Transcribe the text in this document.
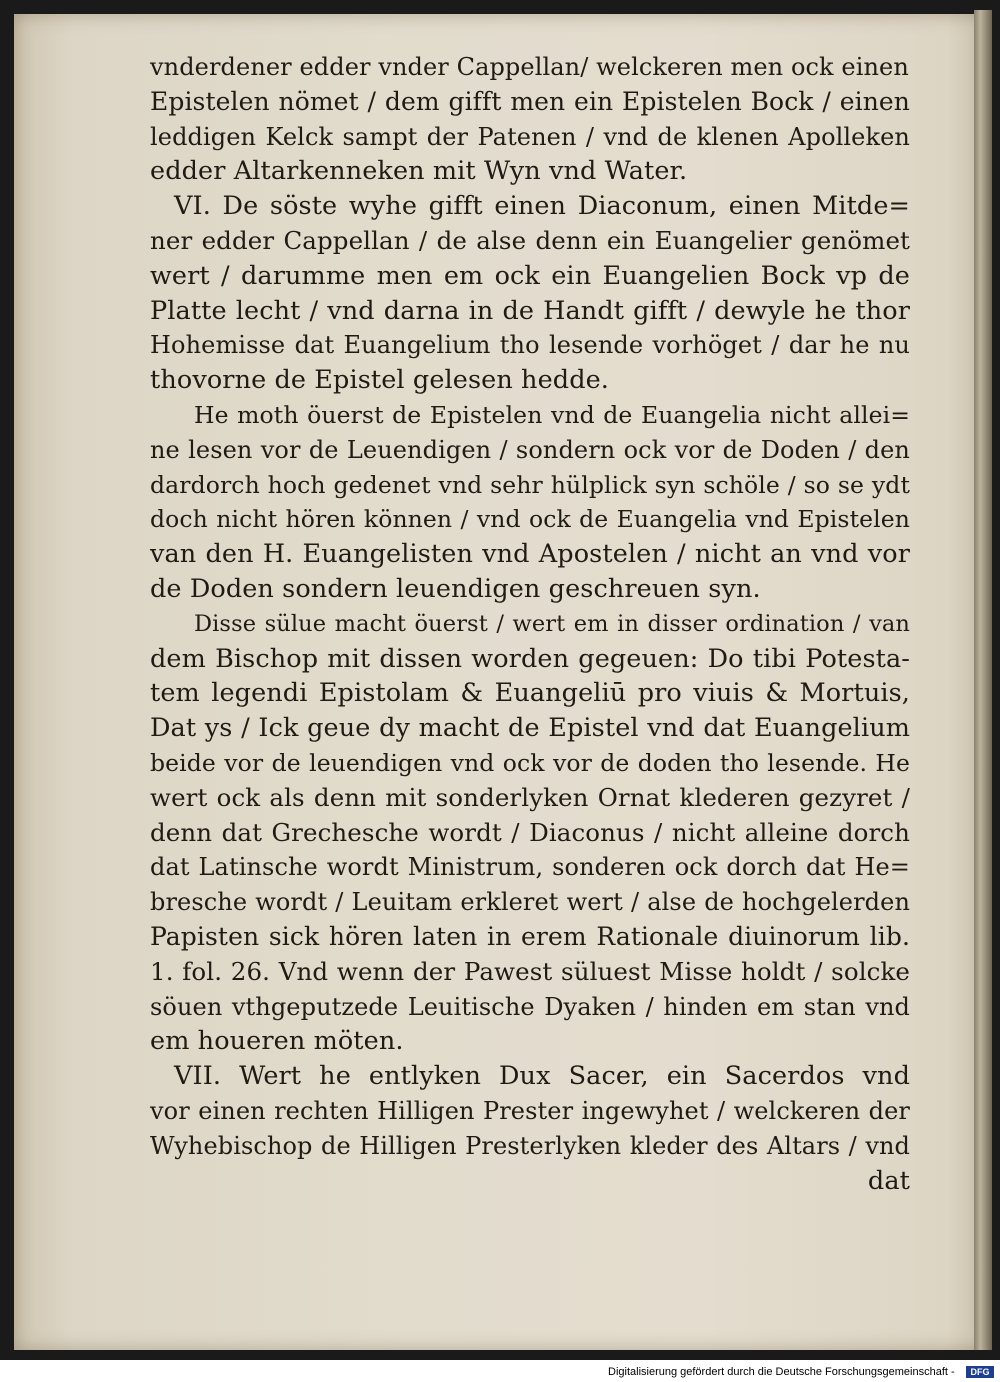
vnderdener edder vnder Cappellan/ welckeren men ock einen
Epistelen nömet / dem gifft men ein Epistelen Bock / einen
leddigen Kelck sampt der Patenen / vnd de klenen Apolleken
edder Altarkenneken mit Wyn vnd Water.
VI. De söste wyhe gifft einen Diaconum, einen Mitde=
ner edder Cappellan / de alse denn ein Euangelier genömet
wert / darumme men em ock ein Euangelien Bock vp de
Platte lecht / vnd darna in de Handt gifft / dewyle he thor
Hohemisse dat Euangelium tho lesende vorhöget / dar he nu
thovorne de Epistel gelesen hedde.
He moth öuerst de Epistelen vnd de Euangelia nicht allei=
ne lesen vor de Leuendigen / sondern ock vor de Doden / den
dardorch hoch gedenet vnd sehr hülplick syn schöle / so se ydt
doch nicht hören können / vnd ock de Euangelia vnd Epistelen
van den H. Euangelisten vnd Apostelen / nicht an vnd vor
de Doden sondern leuendigen geschreuen syn.
Disse sülue macht öuerst / wert em in disser ordination / van
dem Bischop mit dissen worden gegeuen: Do tibi Potesta-
tem legendi Epistolam & Euangeliū pro viuis & Mortuis,
Dat ys / Ick geue dy macht de Epistel vnd dat Euangelium
beide vor de leuendigen vnd ock vor de doden tho lesende. He
wert ock als denn mit sonderlyken Ornat klederen gezyret /
denn dat Grechesche wordt / Diaconus / nicht alleine dorch
dat Latinsche wordt Ministrum, sonderen ock dorch dat He=
bresche wordt / Leuitam erkleret wert / alse de hochgelerden
Papisten sick hören laten in erem Rationale diuinorum lib.
1. fol. 26. Vnd wenn der Pawest süluest Misse holdt / solcke
söuen vthgeputzede Leuitische Dyaken / hinden em stan vnd
em houeren möten.
VII. Wert he entlyken Dux Sacer, ein Sacerdos vnd
vor einen rechten Hilligen Prester ingewyhet / welckeren der
Wyhebischop de Hilligen Presterlyken kleder des Altars / vnd
dat
Digitalisierung gefördert durch die Deutsche Forschungsgemeinschaft -	DFG
